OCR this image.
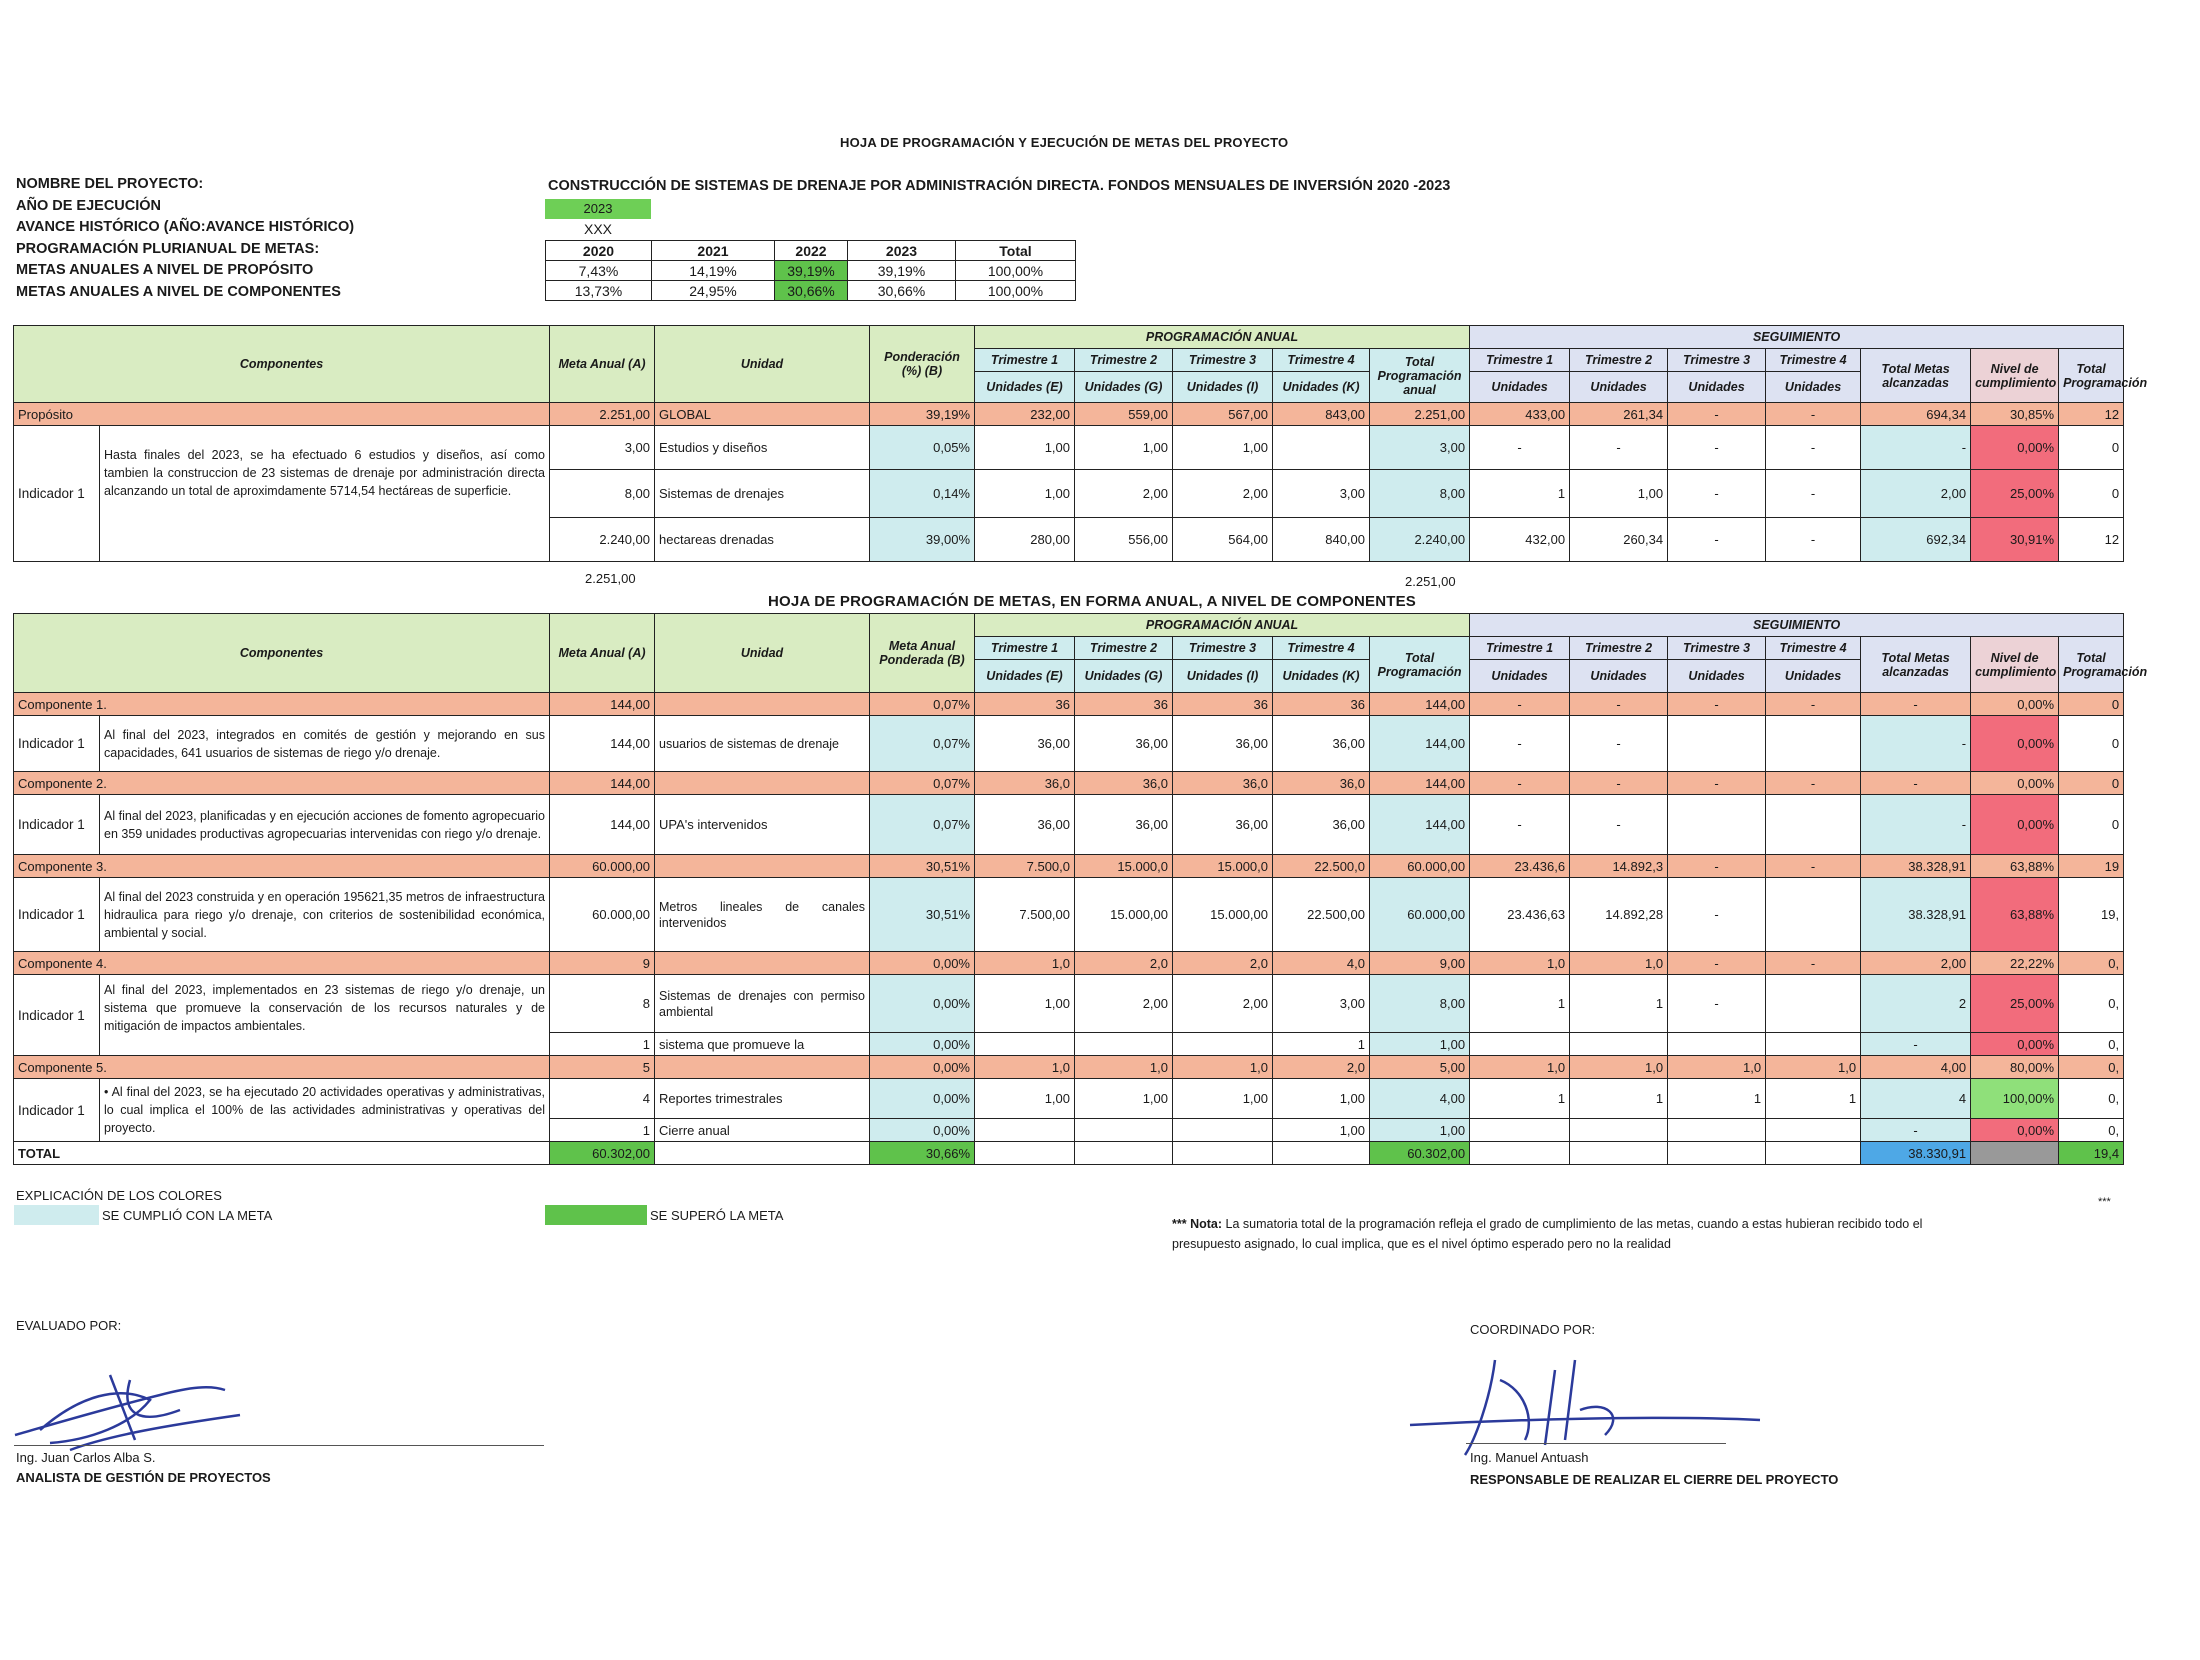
HOJA DE PROGRAMACIÓN Y EJECUCIÓN DE METAS DEL PROYECTO
NOMBRE DEL PROYECTO:
AÑO DE EJECUCIÓN
AVANCE HISTÓRICO (AÑO:AVANCE HISTÓRICO)
PROGRAMACIÓN PLURIANUAL DE METAS:
METAS ANUALES A NIVEL DE PROPÓSITO
METAS ANUALES A NIVEL DE COMPONENTES
CONSTRUCCIÓN DE SISTEMAS DE DRENAJE POR ADMINISTRACIÓN DIRECTA. FONDOS MENSUALES DE INVERSIÓN 2020 -2023
2023
XXX
2020	2021	2022	2023	Total
7,43%	14,19%	39,19%	39,19%	100,00%
13,73%	24,95%	30,66%	30,66%	100,00%
Componentes		Meta Anual (A)	Unidad	Ponderación (%) (B)	PROGRAMACIÓN ANUAL					SEGUIMIENTO						
					Trimestre 1	Trimestre 2	Trimestre 3	Trimestre 4	Total Programación anual	Trimestre 1	Trimestre 2	Trimestre 3	Trimestre 4	Total Metas alcanzadas	Nivel de cumplimiento	Total Programación
					Unidades (E)	Unidades (G)	Unidades (I)	Unidades (K)		Unidades	Unidades	Unidades	Unidades			
Propósito		2.251,00	GLOBAL	39,19%	232,00	559,00	567,00	843,00	2.251,00	433,00	261,34	-	-	694,34	30,85%	12
Indicador 1	Hasta finales del 2023, se ha efectuado 6 estudios y diseños, así como tambien la construccion de 23 sistemas de drenaje por administración directa alcanzando un total de aproximdamente 5714,54 hectáreas de superficie.	3,00	Estudios y diseños	0,05%	1,00	1,00	1,00		3,00	-	-	-	-	-	0,00%	0
		8,00	Sistemas de drenajes	0,14%	1,00	2,00	2,00	3,00	8,00	1	1,00	-	-	2,00	25,00%	0
		2.240,00	hectareas drenadas	39,00%	280,00	556,00	564,00	840,00	2.240,00	432,00	260,34	-	-	692,34	30,91%	12
2.251,00	2.251,00
HOJA DE PROGRAMACIÓN DE METAS, EN FORMA ANUAL, A NIVEL DE COMPONENTES
Componentes		Meta Anual (A)	Unidad	Meta Anual Ponderada (B)	PROGRAMACIÓN ANUAL					SEGUIMIENTO						
					Trimestre 1	Trimestre 2	Trimestre 3	Trimestre 4	Total Programación	Trimestre 1	Trimestre 2	Trimestre 3	Trimestre 4	Total Metas alcanzadas	Nivel de cumplimiento	Total Programación
					Unidades (E)	Unidades (G)	Unidades (I)	Unidades (K)		Unidades	Unidades	Unidades	Unidades			
Componente 1.		144,00		0,07%	36	36	36	36	144,00	-	-	-	-	-	0,00%	0
Indicador 1	Al final del 2023, integrados en comités de gestión y mejorando en sus capacidades, 641 usuarios de sistemas de riego y/o drenaje.	144,00	usuarios de sistemas de drenaje	0,07%	36,00	36,00	36,00	36,00	144,00	-	-			-	0,00%	0
Componente 2.		144,00		0,07%	36,0	36,0	36,0	36,0	144,00	-	-	-	-	-	0,00%	0
Indicador 1	Al final del 2023, planificadas y en ejecución acciones de fomento agropecuario en 359 unidades productivas agropecuarias intervenidas con riego y/o drenaje.	144,00	UPA's intervenidos	0,07%	36,00	36,00	36,00	36,00	144,00	-	-			-	0,00%	0
Componente 3.		60.000,00		30,51%	7.500,0	15.000,0	15.000,0	22.500,0	60.000,00	23.436,6	14.892,3	-	-	38.328,91	63,88%	19
Indicador 1	Al final del 2023 construida y en operación 195621,35 metros de infraestructura hidraulica para riego y/o drenaje, con criterios de sostenibilidad económica, ambiental y social.	60.000,00	Metros lineales de canales intervenidos	30,51%	7.500,00	15.000,00	15.000,00	22.500,00	60.000,00	23.436,63	14.892,28	-		38.328,91	63,88%	19,
Componente 4.		9		0,00%	1,0	2,0	2,0	4,0	9,00	1,0	1,0	-	-	2,00	22,22%	0,
Indicador 1	Al final del 2023, implementados en 23 sistemas de riego y/o drenaje, un sistema que promueve la conservación de los recursos naturales y de mitigación de impactos ambientales.	8	Sistemas de drenajes con permiso ambiental	0,00%	1,00	2,00	2,00	3,00	8,00	1	1	-		2	25,00%	0,
		1	sistema que promueve la	0,00%				1	1,00					-	0,00%	0,
Componente 5.		5		0,00%	1,0	1,0	1,0	2,0	5,00	1,0	1,0	1,0	1,0	4,00	80,00%	0,
Indicador 1	• Al final del 2023, se ha ejecutado 20 actividades operativas y administrativas, lo cual implica el 100% de las actividades administrativas y operativas del proyecto.	4	Reportes trimestrales	0,00%	1,00	1,00	1,00	1,00	4,00	1	1	1	1	4	100,00%	0,
		1	Cierre anual	0,00%				1,00	1,00					-	0,00%	0,
TOTAL		60.302,00		30,66%					60.302,00					38.330,91		19,4
EXPLICACIÓN DE LOS COLORES
SE CUMPLIÓ CON LA META	SE SUPERÓ LA META
*** Nota: La sumatoria total de la programación refleja el grado de cumplimiento de las metas, cuando a estas hubieran recibido todo el presupuesto asignado, lo cual implica, que es el nivel óptimo esperado pero no la realidad
***
EVALUADO POR:
Ing. Juan Carlos Alba S.
ANALISTA DE GESTIÓN DE PROYECTOS
COORDINADO POR:
Ing. Manuel Antuash
RESPONSABLE DE REALIZAR EL CIERRE DEL PROYECTO
